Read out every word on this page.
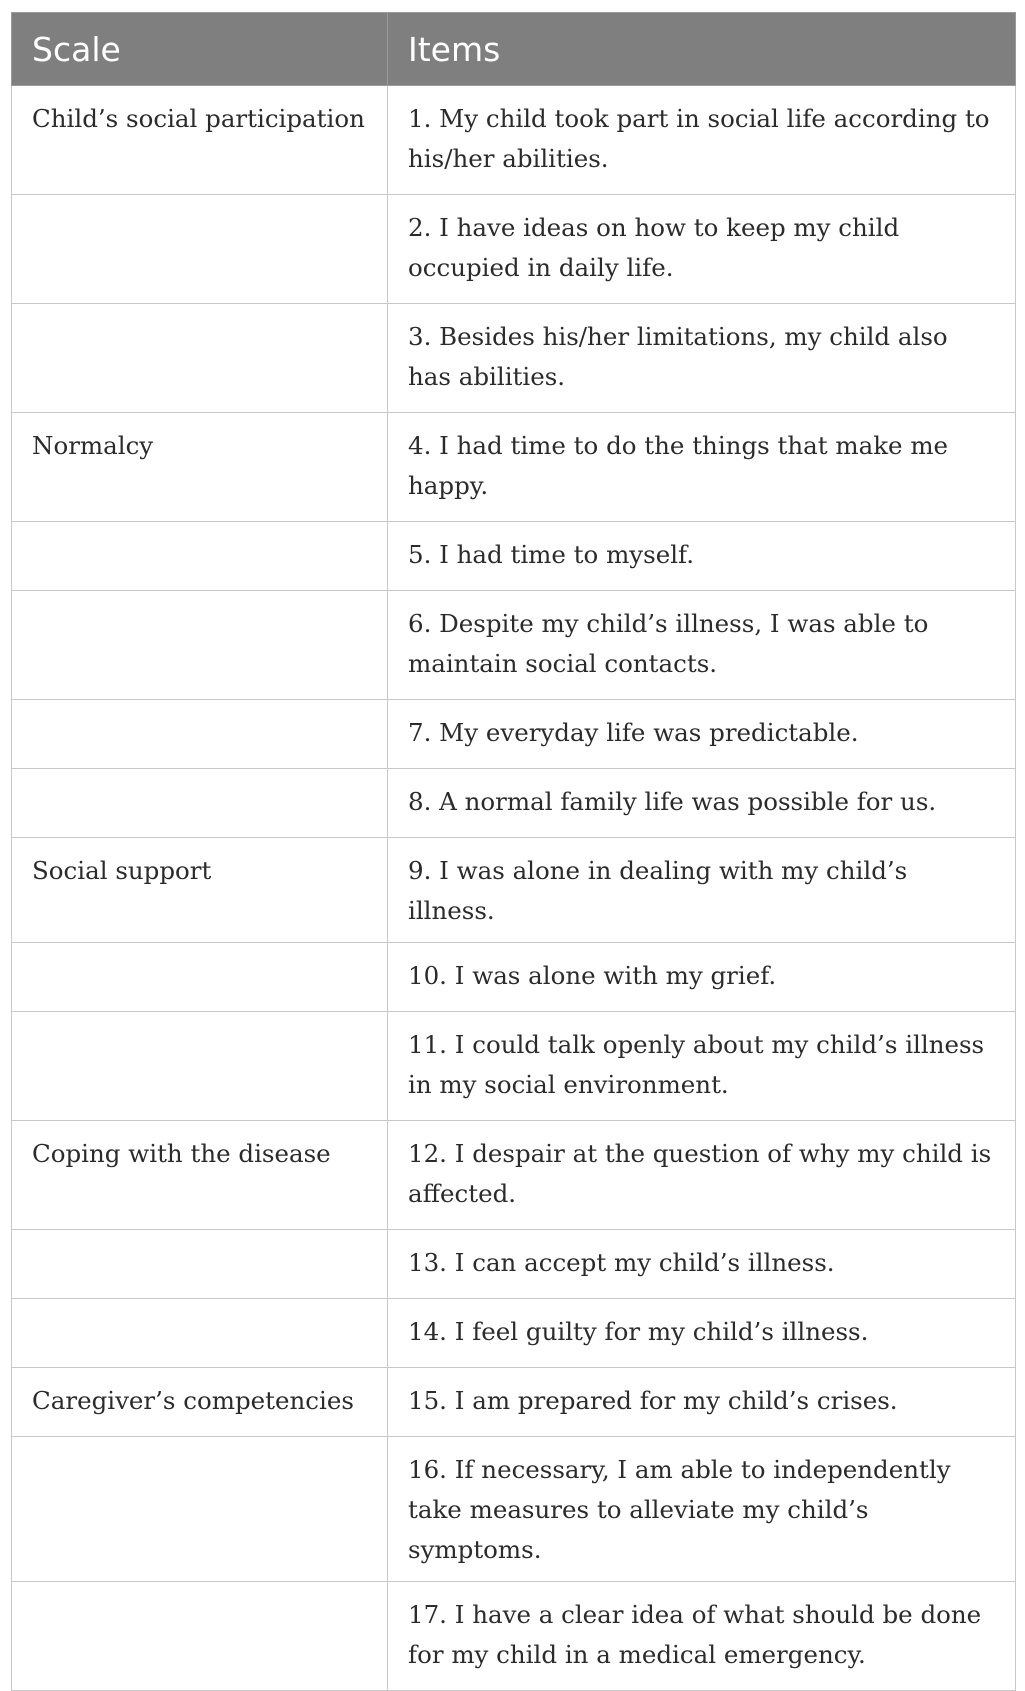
Scale	Items
Child’s social participation	1. My child took part in social life according to his/her abilities.
	2. I have ideas on how to keep my child occupied in daily life.
	3. Besides his/her limitations, my child also has abilities.
Normalcy	4. I had time to do the things that make me happy.
	5. I had time to myself.
	6. Despite my child’s illness, I was able to maintain social contacts.
	7. My everyday life was predictable.
	8. A normal family life was possible for us.
Social support	9. I was alone in dealing with my child’s illness.
	10. I was alone with my grief.
	11. I could talk openly about my child’s illness in my social environment.
Coping with the disease	12. I despair at the question of why my child is affected.
	13. I can accept my child’s illness.
	14. I feel guilty for my child’s illness.
Caregiver’s competencies	15. I am prepared for my child’s crises.
	16. If necessary, I am able to independently take measures to alleviate my child’s symptoms.
	17. I have a clear idea of what should be done for my child in a medical emergency.
